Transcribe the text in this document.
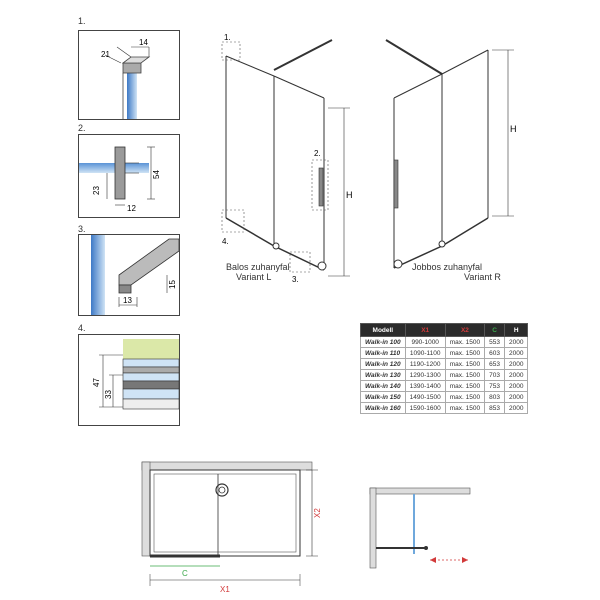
1.
2.
3.
4.
14
21
54
23
12
15
13
47
33
H
1.
2.
4.
3.
Balos zuhanyfal
Variant L
H
Jobbos zuhanyfal
Variant R
Modell	X1	X2	C	H
Walk-in 100	990-1000	max. 1500	553	2000
Walk-in 110	1090-1100	max. 1500	603	2000
Walk-in 120	1190-1200	max. 1500	653	2000
Walk-in 130	1290-1300	max. 1500	703	2000
Walk-in 140	1390-1400	max. 1500	753	2000
Walk-in 150	1490-1500	max. 1500	803	2000
Walk-in 160	1590-1600	max. 1500	853	2000
C
X1
X2
